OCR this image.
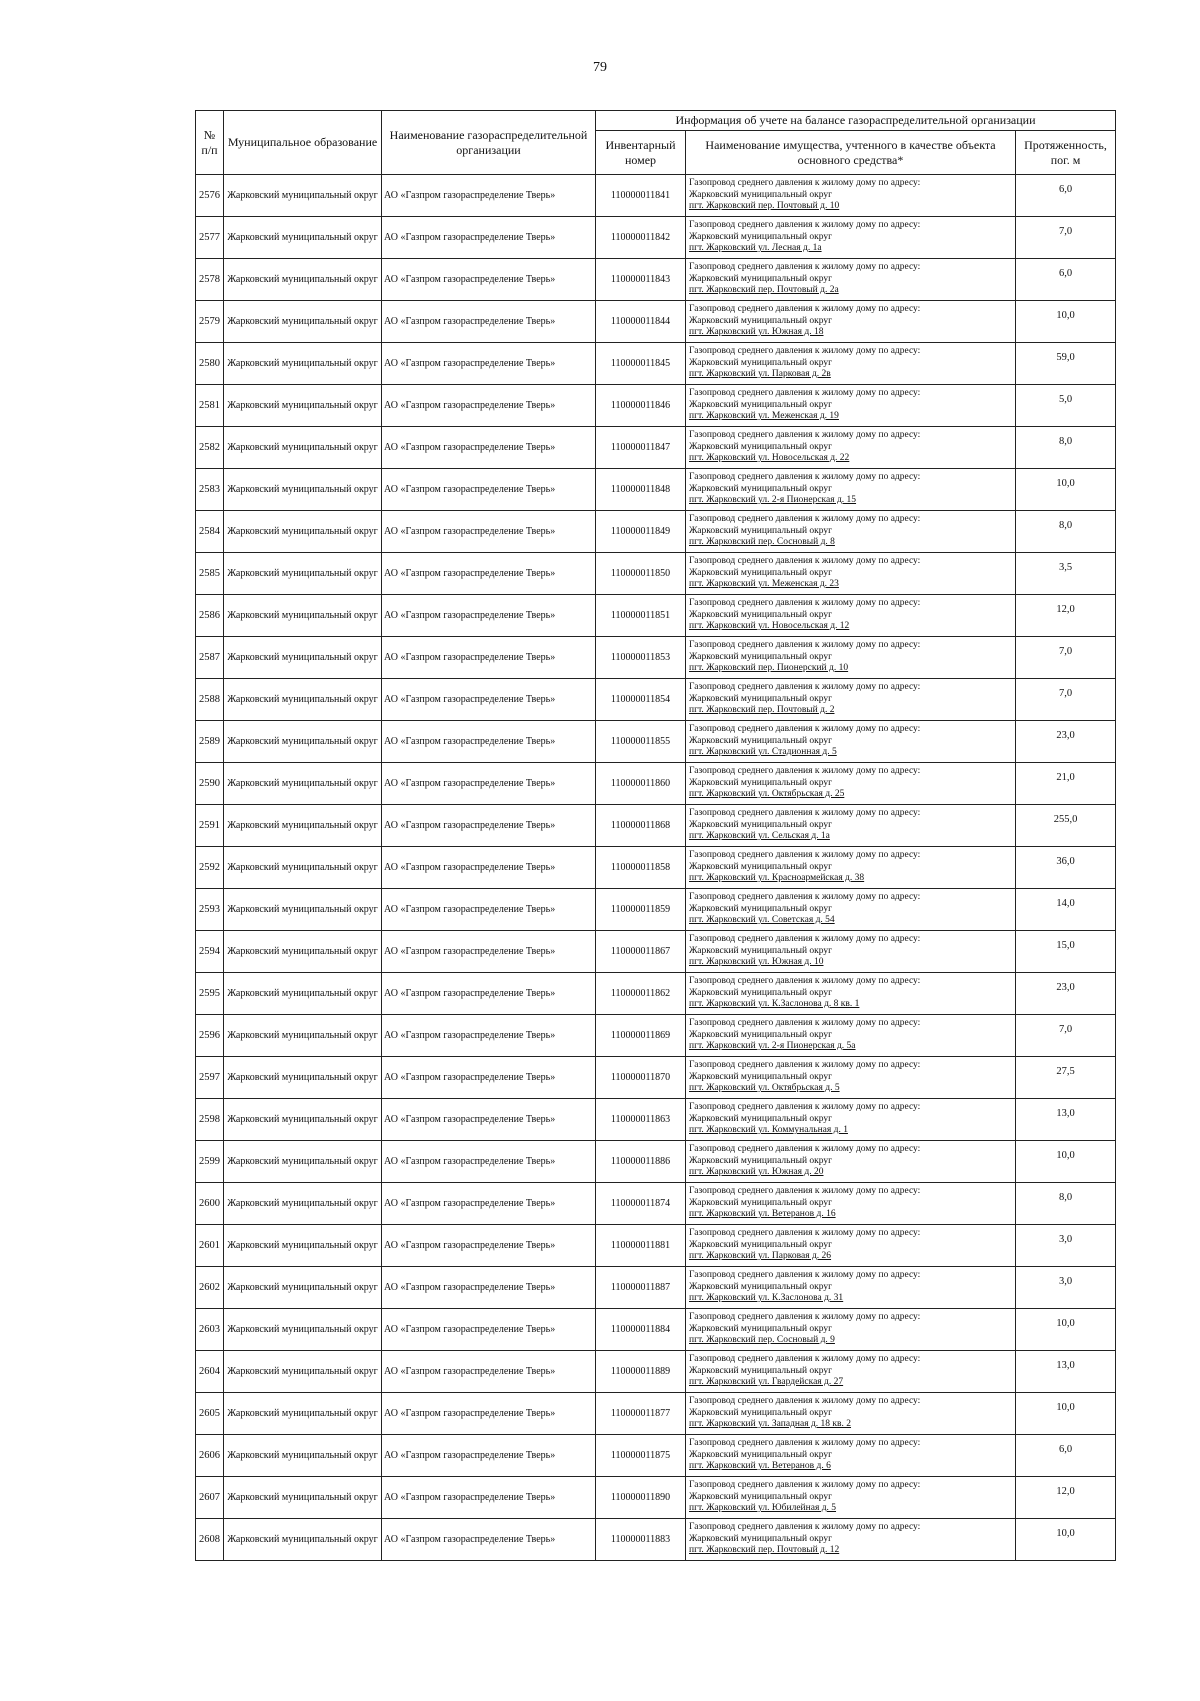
79
№
п/п	Муниципальное образование	Наименование газораспределительной организации	Информация об учете на балансе газораспределительной организации		
			Инвентарный номер	Наименование имущества, учтенного в качестве объекта основного средства*	Протяженность, пог. м
2576	Жарковский муниципальный округ	АО «Газпром газораспределение Тверь»	110000011841	Газопровод среднего давления к жилому дому по адресу:
Жарковский муниципальный округ
пгт. Жарковский пер. Почтовый д. 10	6,0
2577	Жарковский муниципальный округ	АО «Газпром газораспределение Тверь»	110000011842	Газопровод среднего давления к жилому дому по адресу:
Жарковский муниципальный округ
пгт. Жарковский ул. Лесная д. 1а	7,0
2578	Жарковский муниципальный округ	АО «Газпром газораспределение Тверь»	110000011843	Газопровод среднего давления к жилому дому по адресу:
Жарковский муниципальный округ
пгт. Жарковский пер. Почтовый д. 2а	6,0
2579	Жарковский муниципальный округ	АО «Газпром газораспределение Тверь»	110000011844	Газопровод среднего давления к жилому дому по адресу:
Жарковский муниципальный округ
пгт. Жарковский ул. Южная д. 18	10,0
2580	Жарковский муниципальный округ	АО «Газпром газораспределение Тверь»	110000011845	Газопровод среднего давления к жилому дому по адресу:
Жарковский муниципальный округ
пгт. Жарковский ул. Парковая д. 2в	59,0
2581	Жарковский муниципальный округ	АО «Газпром газораспределение Тверь»	110000011846	Газопровод среднего давления к жилому дому по адресу:
Жарковский муниципальный округ
пгт. Жарковский ул. Меженская д. 19	5,0
2582	Жарковский муниципальный округ	АО «Газпром газораспределение Тверь»	110000011847	Газопровод среднего давления к жилому дому по адресу:
Жарковский муниципальный округ
пгт. Жарковский ул. Новосельская д. 22	8,0
2583	Жарковский муниципальный округ	АО «Газпром газораспределение Тверь»	110000011848	Газопровод среднего давления к жилому дому по адресу:
Жарковский муниципальный округ
пгт. Жарковский ул. 2-я Пионерская д. 15	10,0
2584	Жарковский муниципальный округ	АО «Газпром газораспределение Тверь»	110000011849	Газопровод среднего давления к жилому дому по адресу:
Жарковский муниципальный округ
пгт. Жарковский пер. Сосновый д. 8	8,0
2585	Жарковский муниципальный округ	АО «Газпром газораспределение Тверь»	110000011850	Газопровод среднего давления к жилому дому по адресу:
Жарковский муниципальный округ
пгт. Жарковский ул. Меженская д. 23	3,5
2586	Жарковский муниципальный округ	АО «Газпром газораспределение Тверь»	110000011851	Газопровод среднего давления к жилому дому по адресу:
Жарковский муниципальный округ
пгт. Жарковский ул. Новосельская д. 12	12,0
2587	Жарковский муниципальный округ	АО «Газпром газораспределение Тверь»	110000011853	Газопровод среднего давления к жилому дому по адресу:
Жарковский муниципальный округ
пгт. Жарковский пер. Пионерский д. 10	7,0
2588	Жарковский муниципальный округ	АО «Газпром газораспределение Тверь»	110000011854	Газопровод среднего давления к жилому дому по адресу:
Жарковский муниципальный округ
пгт. Жарковский пер. Почтовый д. 2	7,0
2589	Жарковский муниципальный округ	АО «Газпром газораспределение Тверь»	110000011855	Газопровод среднего давления к жилому дому по адресу:
Жарковский муниципальный округ
пгт. Жарковский ул. Стадионная д. 5	23,0
2590	Жарковский муниципальный округ	АО «Газпром газораспределение Тверь»	110000011860	Газопровод среднего давления к жилому дому по адресу:
Жарковский муниципальный округ
пгт. Жарковский ул. Октябрьская д. 25	21,0
2591	Жарковский муниципальный округ	АО «Газпром газораспределение Тверь»	110000011868	Газопровод среднего давления к жилому дому по адресу:
Жарковский муниципальный округ
пгт. Жарковский ул. Сельская д. 1а	255,0
2592	Жарковский муниципальный округ	АО «Газпром газораспределение Тверь»	110000011858	Газопровод среднего давления к жилому дому по адресу:
Жарковский муниципальный округ
пгт. Жарковский ул. Красноармейская д. 38	36,0
2593	Жарковский муниципальный округ	АО «Газпром газораспределение Тверь»	110000011859	Газопровод среднего давления к жилому дому по адресу:
Жарковский муниципальный округ
пгт. Жарковский ул. Советская д. 54	14,0
2594	Жарковский муниципальный округ	АО «Газпром газораспределение Тверь»	110000011867	Газопровод среднего давления к жилому дому по адресу:
Жарковский муниципальный округ
пгт. Жарковский ул. Южная д. 10	15,0
2595	Жарковский муниципальный округ	АО «Газпром газораспределение Тверь»	110000011862	Газопровод среднего давления к жилому дому по адресу:
Жарковский муниципальный округ
пгт. Жарковский ул. К.Заслонова д. 8 кв. 1	23,0
2596	Жарковский муниципальный округ	АО «Газпром газораспределение Тверь»	110000011869	Газопровод среднего давления к жилому дому по адресу:
Жарковский муниципальный округ
пгт. Жарковский ул. 2-я Пионерская д. 5а	7,0
2597	Жарковский муниципальный округ	АО «Газпром газораспределение Тверь»	110000011870	Газопровод среднего давления к жилому дому по адресу:
Жарковский муниципальный округ
пгт. Жарковский ул. Октябрьская д. 5	27,5
2598	Жарковский муниципальный округ	АО «Газпром газораспределение Тверь»	110000011863	Газопровод среднего давления к жилому дому по адресу:
Жарковский муниципальный округ
пгт. Жарковский ул. Коммунальная д. 1	13,0
2599	Жарковский муниципальный округ	АО «Газпром газораспределение Тверь»	110000011886	Газопровод среднего давления к жилому дому по адресу:
Жарковский муниципальный округ
пгт. Жарковский ул. Южная д. 20	10,0
2600	Жарковский муниципальный округ	АО «Газпром газораспределение Тверь»	110000011874	Газопровод среднего давления к жилому дому по адресу:
Жарковский муниципальный округ
пгт. Жарковский ул. Ветеранов д. 16	8,0
2601	Жарковский муниципальный округ	АО «Газпром газораспределение Тверь»	110000011881	Газопровод среднего давления к жилому дому по адресу:
Жарковский муниципальный округ
пгт. Жарковский ул. Парковая д. 26	3,0
2602	Жарковский муниципальный округ	АО «Газпром газораспределение Тверь»	110000011887	Газопровод среднего давления к жилому дому по адресу:
Жарковский муниципальный округ
пгт. Жарковский ул. К.Заслонова д. 31	3,0
2603	Жарковский муниципальный округ	АО «Газпром газораспределение Тверь»	110000011884	Газопровод среднего давления к жилому дому по адресу:
Жарковский муниципальный округ
пгт. Жарковский пер. Сосновый д. 9	10,0
2604	Жарковский муниципальный округ	АО «Газпром газораспределение Тверь»	110000011889	Газопровод среднего давления к жилому дому по адресу:
Жарковский муниципальный округ
пгт. Жарковский ул. Гвардейская д. 27	13,0
2605	Жарковский муниципальный округ	АО «Газпром газораспределение Тверь»	110000011877	Газопровод среднего давления к жилому дому по адресу:
Жарковский муниципальный округ
пгт. Жарковский ул. Западная д. 18 кв. 2	10,0
2606	Жарковский муниципальный округ	АО «Газпром газораспределение Тверь»	110000011875	Газопровод среднего давления к жилому дому по адресу:
Жарковский муниципальный округ
пгт. Жарковский ул. Ветеранов д. 6	6,0
2607	Жарковский муниципальный округ	АО «Газпром газораспределение Тверь»	110000011890	Газопровод среднего давления к жилому дому по адресу:
Жарковский муниципальный округ
пгт. Жарковский ул. Юбилейная д. 5	12,0
2608	Жарковский муниципальный округ	АО «Газпром газораспределение Тверь»	110000011883	Газопровод среднего давления к жилому дому по адресу:
Жарковский муниципальный округ
пгт. Жарковский пер. Почтовый д. 12	10,0
